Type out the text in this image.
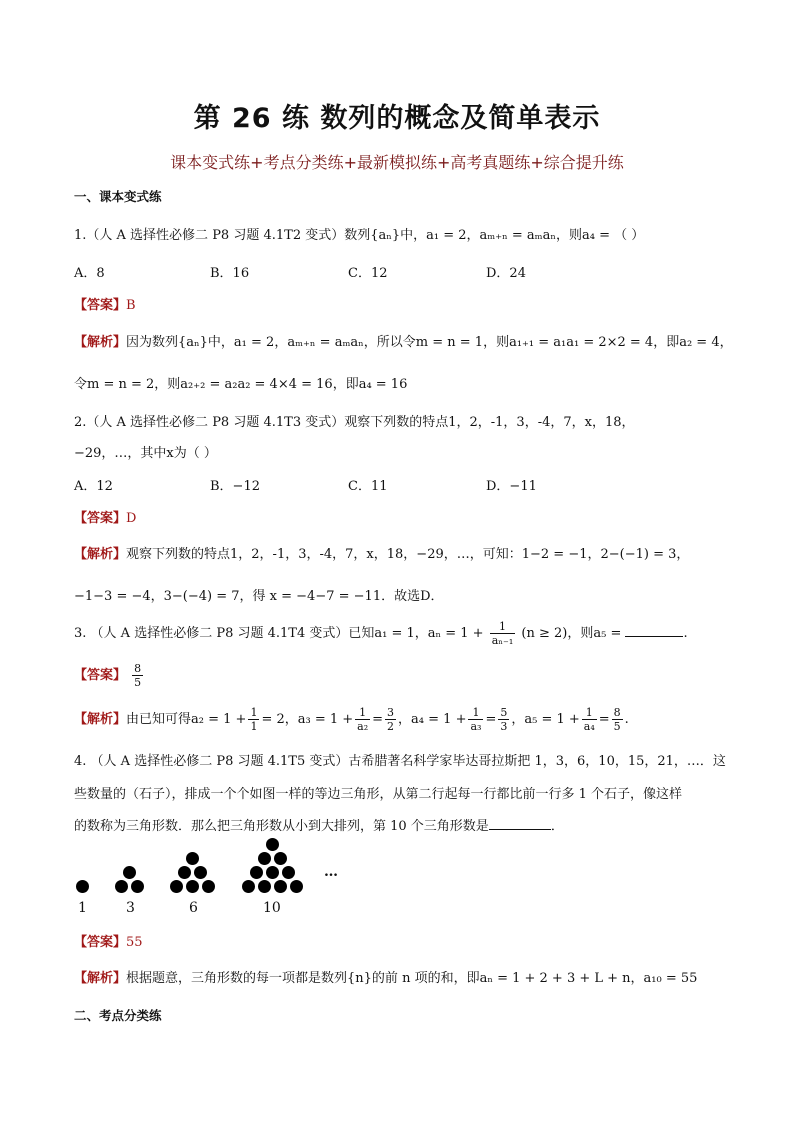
第 26 练 数列的概念及简单表示
课本变式练+考点分类练+最新模拟练+高考真题练+综合提升练
一、课本变式练
1.（人 A 选择性必修二 P8 习题 4.1T2 变式）数列{aₙ}中，a₁ = 2，aₘ₊ₙ = aₘaₙ，则a₄ = （ ）
A．8	B．16	C．12	D．24
【答案】B
【解析】因为数列{aₙ}中，a₁ = 2，aₘ₊ₙ = aₘaₙ，所以令m = n = 1，则a₁₊₁ = a₁a₁ = 2×2 = 4，即a₂ = 4，
令m = n = 2，则a₂₊₂ = a₂a₂ = 4×4 = 16，即a₄ = 16
2.（人 A 选择性必修二 P8 习题 4.1T3 变式）观察下列数的特点1，2，-1，3，-4，7，x，18，
−29，…，其中x为（ ）
A．12	B．−12	C．11	D．−11
【答案】D
【解析】观察下列数的特点1，2，-1，3，-4，7，x，18，−29，…，可知：1−2 = −1，2−(−1) = 3，
−1−3 = −4，3−(−4) = 7，得 x = −4−7 = −11．故选D．
3. （人 A 选择性必修二 P8 习题 4.1T4 变式）已知a₁ = 1，$a_n = 1 + \frac{1}{\text{aₙ₋₁}} (n \ge 2)$，则a₅ =	.
【答案】 $\frac{8}{5}$
【解析】由已知可得$a_2 = 1 + \frac{1}{1} = 2$，$a_3 = 1 + \frac{1}{\text{a₂}} = \frac{3}{2}$ ，$a_4 = 1 + \frac{1}{\text{a₃}} = \frac{5}{3}$ ，$a_5 = 1 + \frac{1}{\text{a₄}} = \frac{8}{5}$ .
4. （人 A 选择性必修二 P8 习题 4.1T5 变式）古希腊著名科学家毕达哥拉斯把 1，3，6，10，15，21，…．这
些数量的（石子），排成一个个如图一样的等边三角形，从第二行起每一行都比前一行多 1 个石子，像这样
的数称为三角形数．那么把三角形数从小到大排列，第 10 个三角形数是	．
…
1	3	6	10
【答案】55
【解析】根据题意，三角形数的每一项都是数列{n}的前 n 项的和，即aₙ = 1 + 2 + 3 + L + n，a₁₀ = 55
二、考点分类练
